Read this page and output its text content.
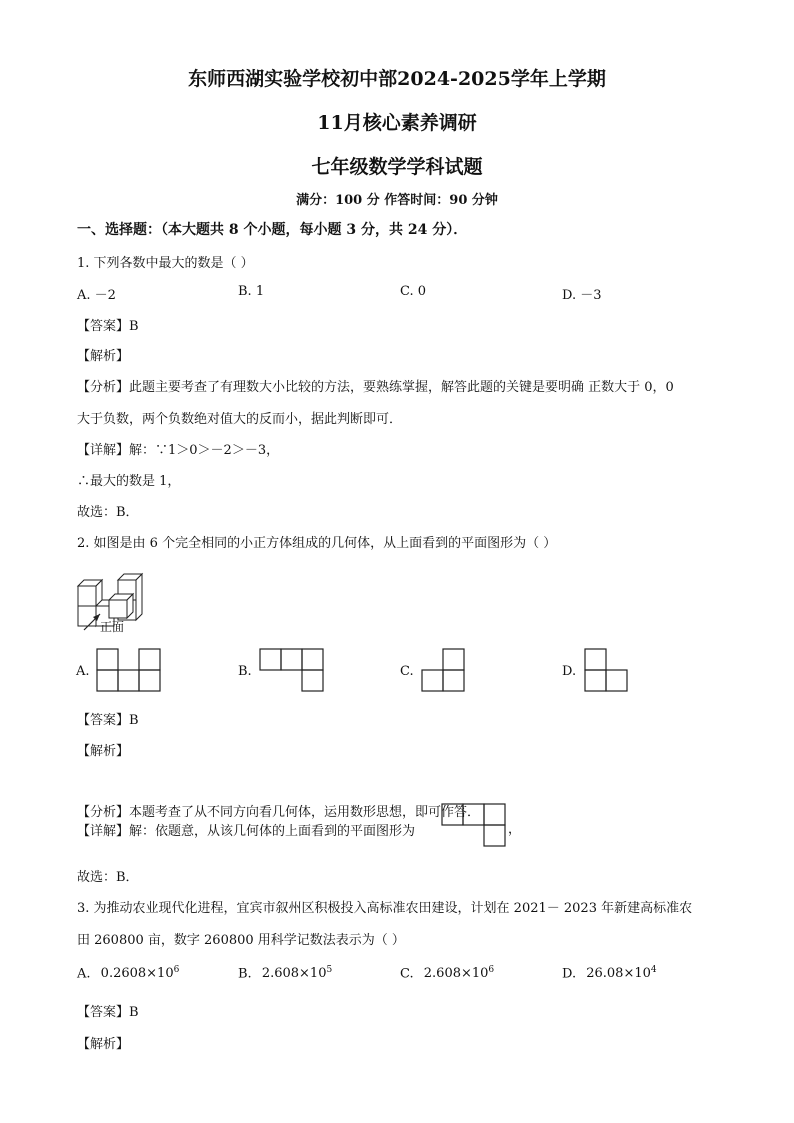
东师西湖实验学校初中部2024-2025学年上学期
11月核心素养调研
七年级数学学科试题
满分：100 分 作答时间：90 分钟
一、选择题：（本大题共 8 个小题，每小题 3 分，共 24 分）．
1. 下列各数中最大的数是（ ）
A. －2	B. 1	C. 0	D. －3
【答案】B
【解析】
【分析】此题主要考查了有理数大小比较的方法，要熟练掌握，解答此题的关键是要明确 正数大于 0，0
大于负数，两个负数绝对值大的反而小，据此判断即可．
【详解】解：∵1＞0＞－2＞－3，
∴最大的数是 1，
故选：B．
2. 如图是由 6 个完全相同的小正方体组成的几何体，从上面看到的平面图形为（ ）
正面
A.	B.	C.	D.
【答案】B
【解析】
【分析】本题考查了从不同方向看几何体，运用数形思想，即可作答．
【详解】解：依题意，从该几何体的上面看到的平面图形为	，
故选：B．
3. 为推动农业现代化进程，宜宾市叙州区积极投入高标准农田建设，计划在 2021－ 2023 年新建高标准农
田 260800 亩，数字 260800 用科学记数法表示为（ ）
A. $0.2608\times 10^6$	B. $2.608\times 10^5$	C. $2.608\times 10^6$	D. $26.08\times 10^4$
【答案】B
【解析】
